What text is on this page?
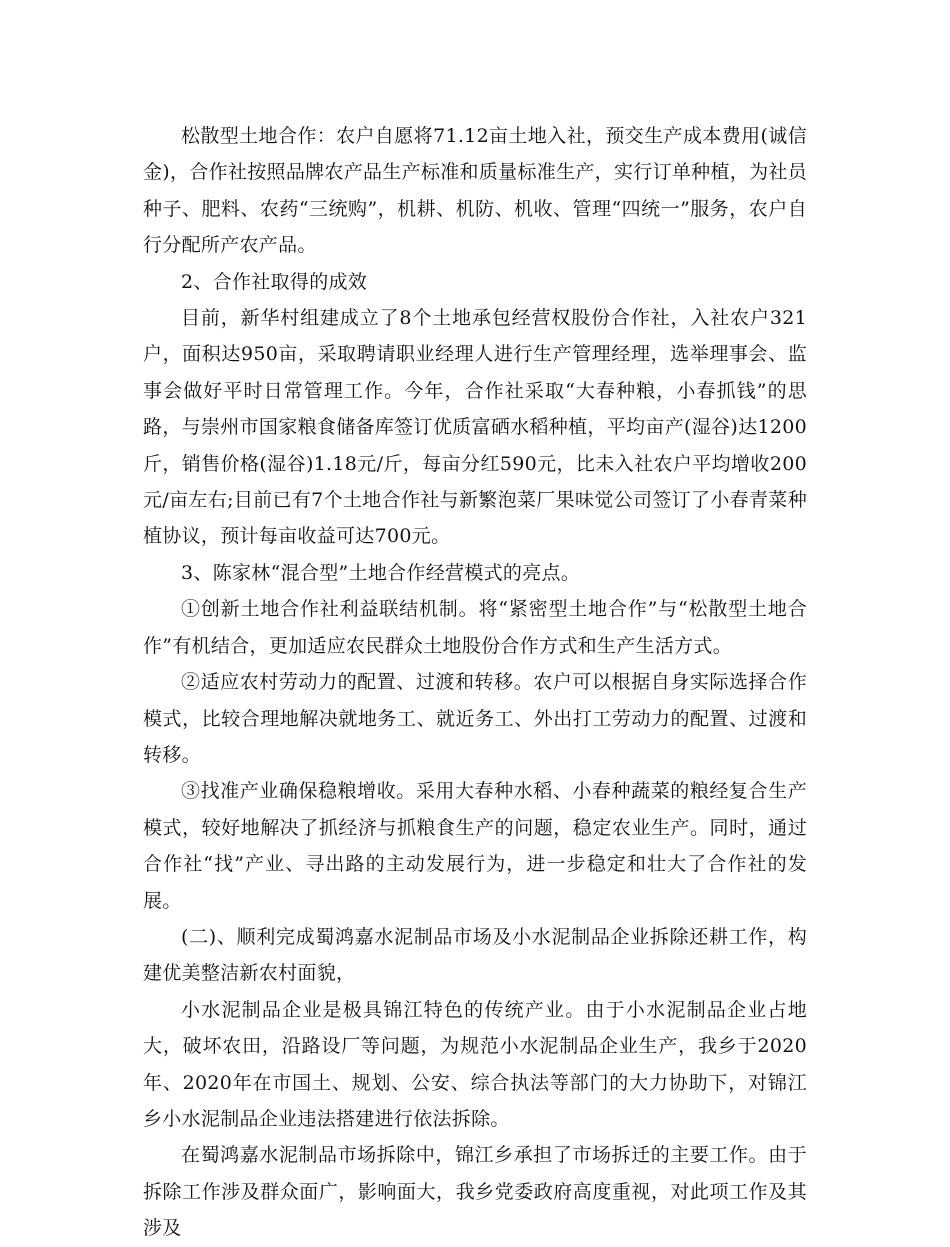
松散型土地合作：农户自愿将71.12亩土地入社，预交生产成本费用(诚信金)，合作社按照品牌农产品生产标准和质量标准生产，实行订单种植，为社员种子、肥料、农药“三统购”，机耕、机防、机收、管理“四统一”服务，农户自行分配所产农产品。

2、合作社取得的成效

目前，新华村组建成立了8个土地承包经营权股份合作社，入社农户321户，面积达950亩，采取聘请职业经理人进行生产管理经理，选举理事会、监事会做好平时日常管理工作。今年，合作社采取“大春种粮，小春抓钱”的思路，与崇州市国家粮食储备库签订优质富硒水稻种植，平均亩产(湿谷)达1200斤，销售价格(湿谷)1.18元/斤，每亩分红590元，比未入社农户平均增收200元/亩左右;目前已有7个土地合作社与新繁泡菜厂果味觉公司签订了小春青菜种植协议，预计每亩收益可达700元。

3、陈家林“混合型”土地合作经营模式的亮点。

①创新土地合作社利益联结机制。将“紧密型土地合作”与“松散型土地合作”有机结合，更加适应农民群众土地股份合作方式和生产生活方式。

②适应农村劳动力的配置、过渡和转移。农户可以根据自身实际选择合作模式，比较合理地解决就地务工、就近务工、外出打工劳动力的配置、过渡和转移。

③找准产业确保稳粮增收。采用大春种水稻、小春种蔬菜的粮经复合生产模式，较好地解决了抓经济与抓粮食生产的问题，稳定农业生产。同时，通过合作社“找”产业、寻出路的主动发展行为，进一步稳定和壮大了合作社的发展。

(二)、顺利完成蜀鸿嘉水泥制品市场及小水泥制品企业拆除还耕工作，构建优美整洁新农村面貌，

小水泥制品企业是极具锦江特色的传统产业。由于小水泥制品企业占地大，破坏农田，沿路设厂等问题，为规范小水泥制品企业生产，我乡于2020年、2020年在市国土、规划、公安、综合执法等部门的大力协助下，对锦江乡小水泥制品企业违法搭建进行依法拆除。

在蜀鸿嘉水泥制品市场拆除中，锦江乡承担了市场拆迁的主要工作。由于拆除工作涉及群众面广，影响面大，我乡党委政府高度重视，对此项工作及其涉及
